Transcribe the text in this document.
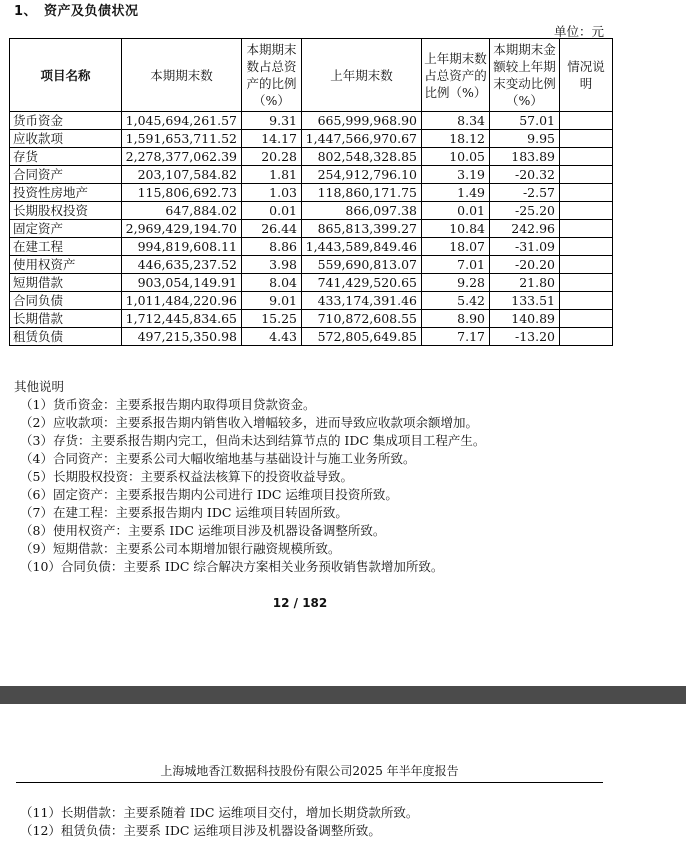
1、　资产及负债状况
单位：元
项目名称	本期期末数	本期期末数占总资产的比例（%）	上年期末数	上年期末数占总资产的比例（%）	本期期末金额较上年期末变动比例（%）	情况说明
货币资金	1,045,694,261.57	9.31	665,999,968.90	8.34	57.01	
应收款项	1,591,653,711.52	14.17	1,447,566,970.67	18.12	9.95	
存货	2,278,377,062.39	20.28	802,548,328.85	10.05	183.89	
合同资产	203,107,584.82	1.81	254,912,796.10	3.19	-20.32	
投资性房地产	115,806,692.73	1.03	118,860,171.75	1.49	-2.57	
长期股权投资	647,884.02	0.01	866,097.38	0.01	-25.20	
固定资产	2,969,429,194.70	26.44	865,813,399.27	10.84	242.96	
在建工程	994,819,608.11	8.86	1,443,589,849.46	18.07	-31.09	
使用权资产	446,635,237.52	3.98	559,690,813.07	7.01	-20.20	
短期借款	903,054,149.91	8.04	741,429,520.65	9.28	21.80	
合同负债	1,011,484,220.96	9.01	433,174,391.46	5.42	133.51	
长期借款	1,712,445,834.65	15.25	710,872,608.55	8.90	140.89	
租赁负债	497,215,350.98	4.43	572,805,649.85	7.17	-13.20	
其他说明
（1）货币资金：主要系报告期内取得项目贷款资金。
（2）应收款项：主要系报告期内销售收入增幅较多，进而导致应收款项余额增加。
（3）存货：主要系报告期内完工，但尚未达到结算节点的 IDC 集成项目工程产生。
（4）合同资产：主要系公司大幅收缩地基与基础设计与施工业务所致。
（5）长期股权投资：主要系权益法核算下的投资收益导致。
（6）固定资产：主要系报告期内公司进行 IDC 运维项目投资所致。
（7）在建工程：主要系报告期内 IDC 运维项目转固所致。
（8）使用权资产：主要系 IDC 运维项目涉及机器设备调整所致。
（9）短期借款：主要系公司本期增加银行融资规模所致。
（10）合同负债：主要系 IDC 综合解决方案相关业务预收销售款增加所致。
12 / 182
上海城地香江数据科技股份有限公司2025 年半年度报告
（11）长期借款：主要系随着 IDC 运维项目交付，增加长期贷款所致。
（12）租赁负债：主要系 IDC 运维项目涉及机器设备调整所致。
